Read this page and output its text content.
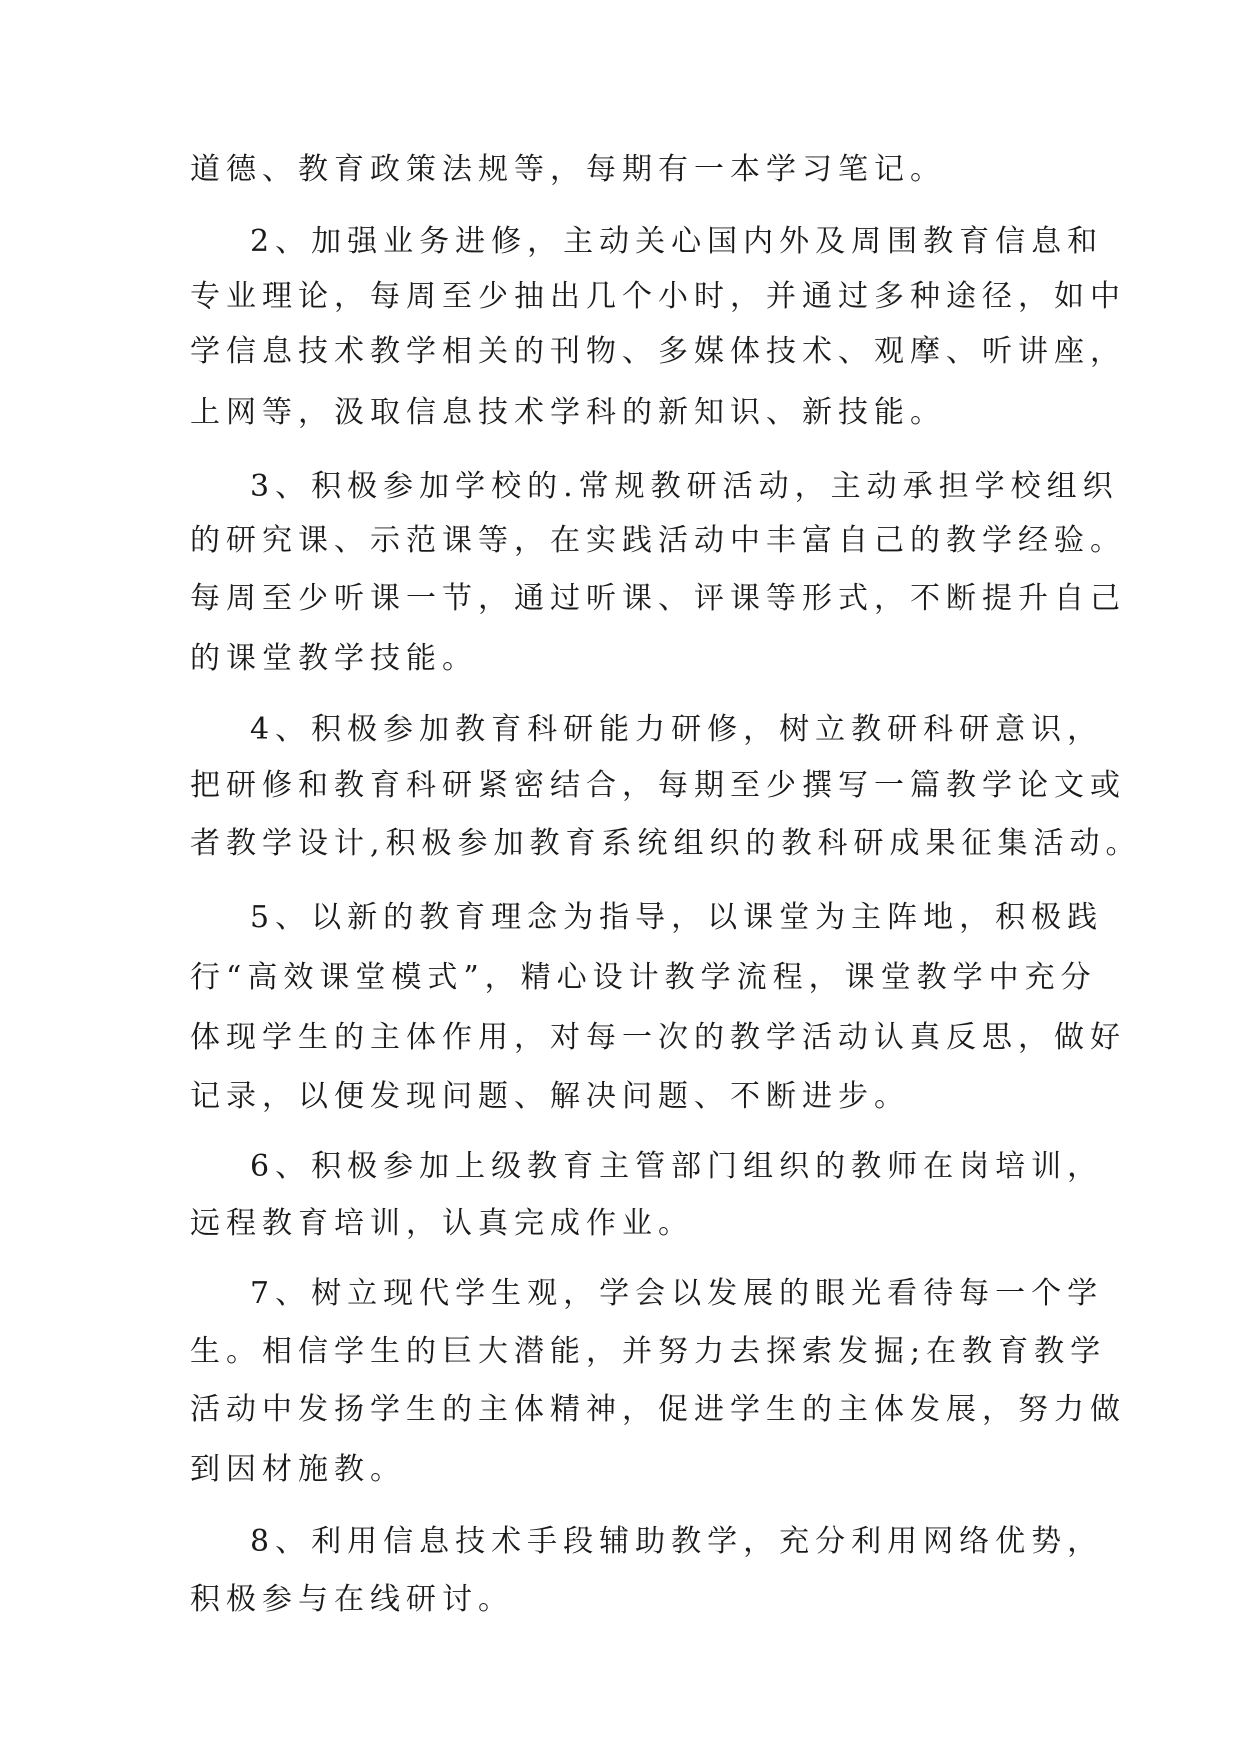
道德、教育政策法规等，每期有一本学习笔记。
2、加强业务进修，主动关心国内外及周围教育信息和
专业理论，每周至少抽出几个小时，并通过多种途径，如中
学信息技术教学相关的刊物、多媒体技术、观摩、听讲座，
上网等，汲取信息技术学科的新知识、新技能。
3、积极参加学校的.常规教研活动，主动承担学校组织
的研究课、示范课等，在实践活动中丰富自己的教学经验。
每周至少听课一节，通过听课、评课等形式，不断提升自己
的课堂教学技能。
4、积极参加教育科研能力研修，树立教研科研意识，
把研修和教育科研紧密结合，每期至少撰写一篇教学论文或
者教学设计,积极参加教育系统组织的教科研成果征集活动。
5、以新的教育理念为指导，以课堂为主阵地，积极践
行“高效课堂模式”，精心设计教学流程，课堂教学中充分
体现学生的主体作用，对每一次的教学活动认真反思，做好
记录，以便发现问题、解决问题、不断进步。
6、积极参加上级教育主管部门组织的教师在岗培训，
远程教育培训，认真完成作业。
7、树立现代学生观，学会以发展的眼光看待每一个学
生。相信学生的巨大潜能，并努力去探索发掘;在教育教学
活动中发扬学生的主体精神，促进学生的主体发展，努力做
到因材施教。
8、利用信息技术手段辅助教学，充分利用网络优势，
积极参与在线研讨。
